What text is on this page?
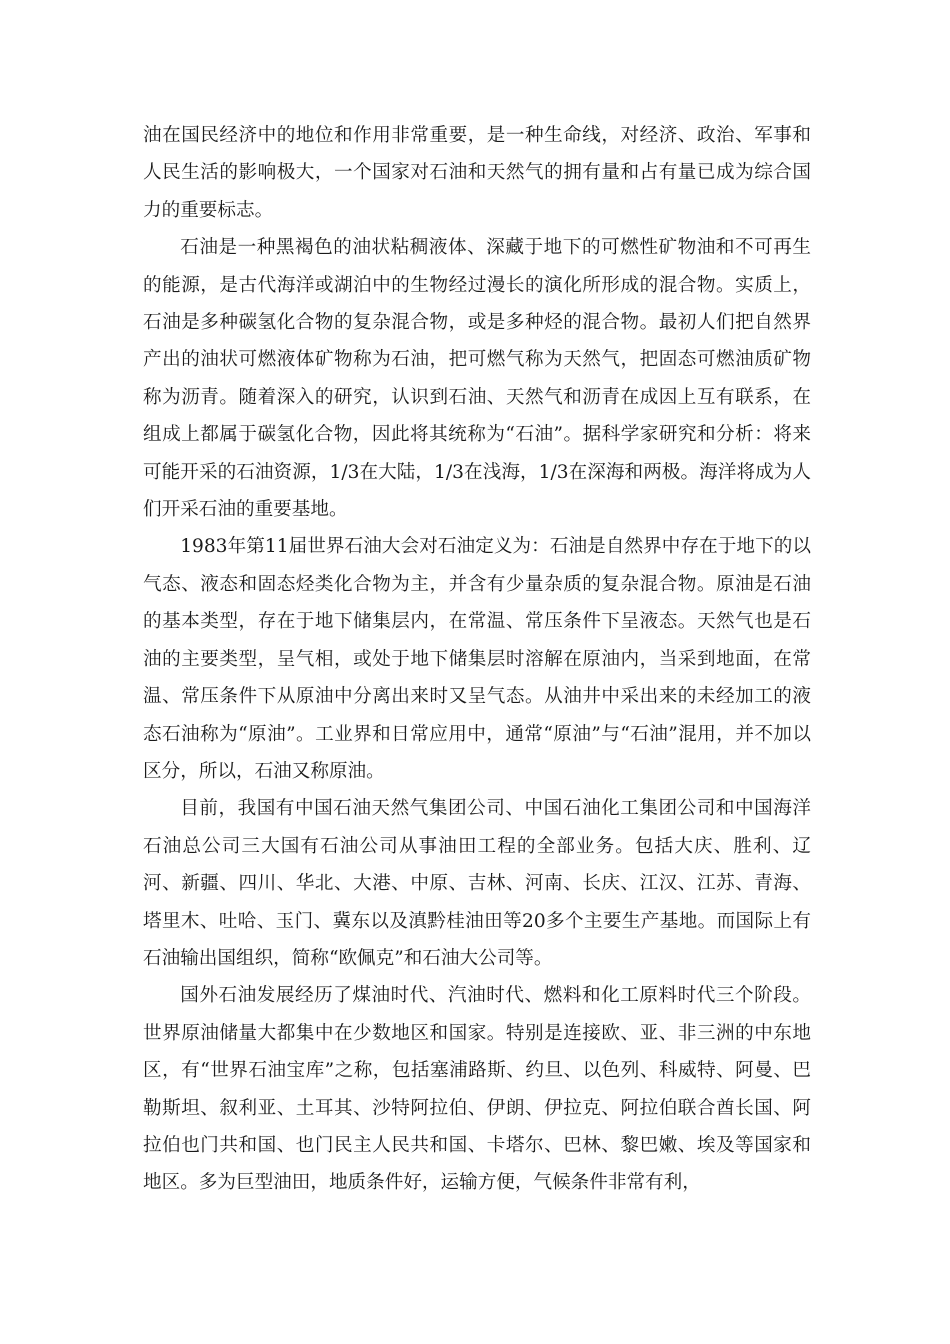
油在国民经济中的地位和作用非常重要，是一种生命线，对经济、政治、军事和人民生活的影响极大，一个国家对石油和天然气的拥有量和占有量已成为综合国力的重要标志。

石油是一种黑褐色的油状粘稠液体、深藏于地下的可燃性矿物油和不可再生的能源，是古代海洋或湖泊中的生物经过漫长的演化所形成的混合物。实质上，石油是多种碳氢化合物的复杂混合物，或是多种烃的混合物。最初人们把自然界产出的油状可燃液体矿物称为石油，把可燃气称为天然气，把固态可燃油质矿物称为沥青。随着深入的研究，认识到石油、天然气和沥青在成因上互有联系，在组成上都属于碳氢化合物，因此将其统称为“石油”。据科学家研究和分析：将来可能开采的石油资源，1/3在大陆，1/3在浅海，1/3在深海和两极。海洋将成为人们开采石油的重要基地。

1983年第11届世界石油大会对石油定义为：石油是自然界中存在于地下的以气态、液态和固态烃类化合物为主，并含有少量杂质的复杂混合物。原油是石油的基本类型，存在于地下储集层内，在常温、常压条件下呈液态。天然气也是石油的主要类型，呈气相，或处于地下储集层时溶解在原油内，当采到地面，在常温、常压条件下从原油中分离出来时又呈气态。从油井中采出来的未经加工的液态石油称为“原油”。工业界和日常应用中，通常“原油”与“石油”混用，并不加以区分，所以，石油又称原油。

目前，我国有中国石油天然气集团公司、中国石油化工集团公司和中国海洋石油总公司三大国有石油公司从事油田工程的全部业务。包括大庆、胜利、辽河、新疆、四川、华北、大港、中原、吉林、河南、长庆、江汉、江苏、青海、塔里木、吐哈、玉门、冀东以及滇黔桂油田等20多个主要生产基地。而国际上有石油输出国组织，简称“欧佩克”和石油大公司等。

国外石油发展经历了煤油时代、汽油时代、燃料和化工原料时代三个阶段。世界原油储量大都集中在少数地区和国家。特别是连接欧、亚、非三洲的中东地区，有“世界石油宝库”之称，包括塞浦路斯、约旦、以色列、科威特、阿曼、巴勒斯坦、叙利亚、土耳其、沙特阿拉伯、伊朗、伊拉克、阿拉伯联合酋长国、阿拉伯也门共和国、也门民主人民共和国、卡塔尔、巴林、黎巴嫩、埃及等国家和地区。多为巨型油田，地质条件好，运输方便，气候条件非常有利，
